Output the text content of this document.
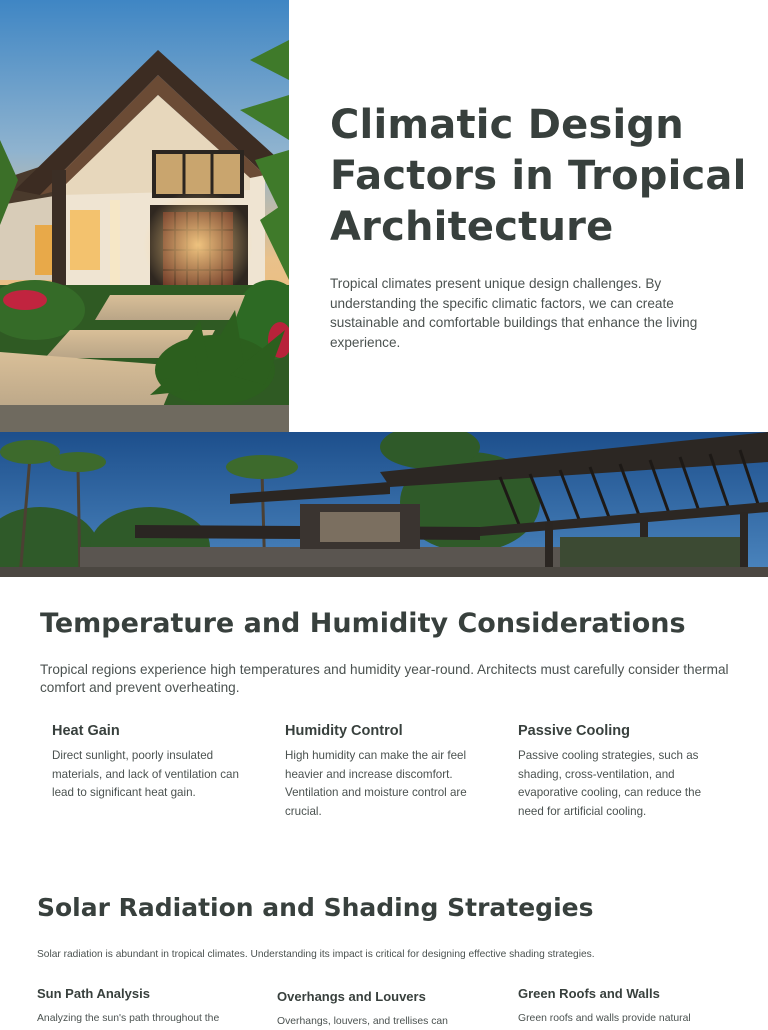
Climatic Design Factors in Tropical Architecture

Tropical climates present unique design challenges. By understanding the specific climatic factors, we can create sustainable and comfortable buildings that enhance the living experience.

Temperature and Humidity Considerations

Tropical regions experience high temperatures and humidity year-round. Architects must carefully consider thermal comfort and prevent overheating.

Heat Gain

Direct sunlight, poorly insulated materials, and lack of ventilation can lead to significant heat gain.

Humidity Control

High humidity can make the air feel heavier and increase discomfort. Ventilation and moisture control are crucial.

Passive Cooling

Passive cooling strategies, such as shading, cross-ventilation, and evaporative cooling, can reduce the need for artificial cooling.

Solar Radiation and Shading Strategies

Solar radiation is abundant in tropical climates. Understanding its impact is critical for designing effective shading strategies.

Sun Path Analysis

Analyzing the sun's path throughout the

Overhangs and Louvers

Overhangs, louvers, and trellises can

Green Roofs and Walls

Green roofs and walls provide natural
